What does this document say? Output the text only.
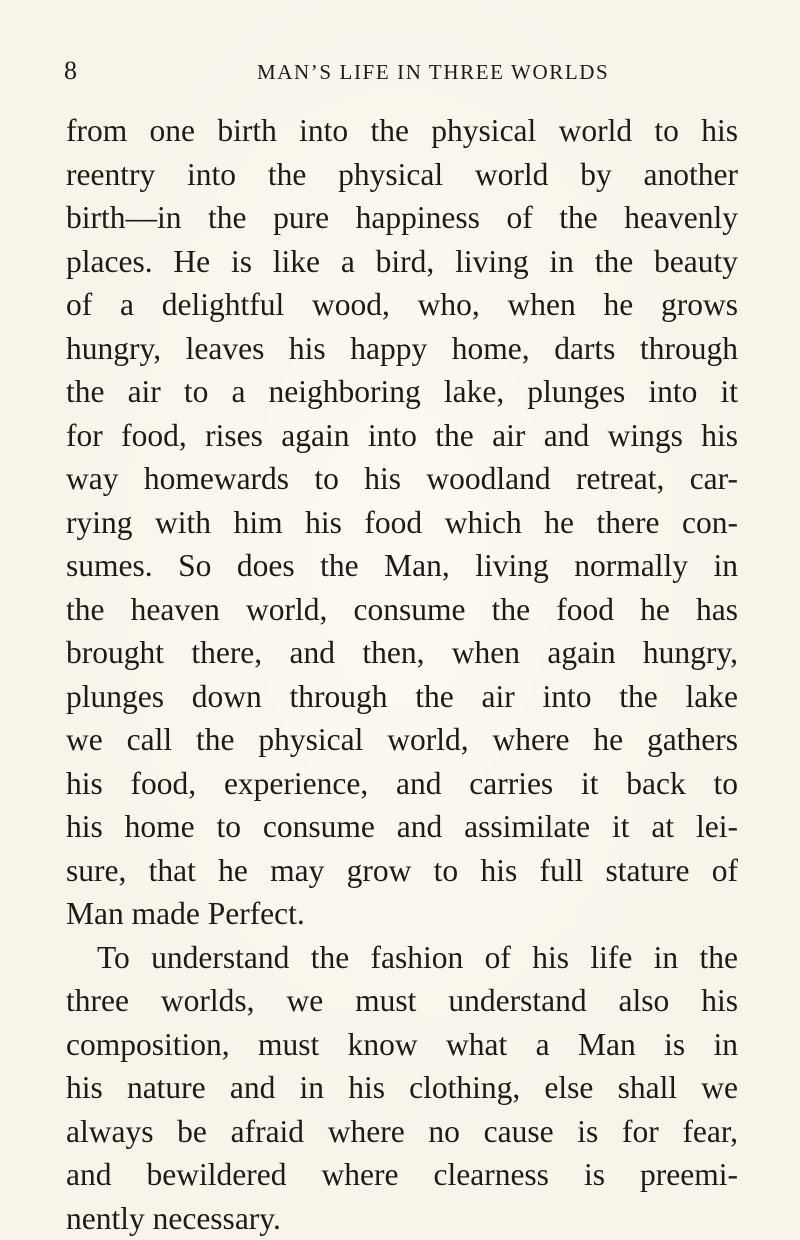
8	MAN’S LIFE IN THREE WORLDS
from one birth into the physical world to his
reentry into the physical world by another
birth—in the pure happiness of the heavenly
places. He is like a bird, living in the beauty
of a delightful wood, who, when he grows
hungry, leaves his happy home, darts through
the air to a neighboring lake, plunges into it
for food, rises again into the air and wings his
way homewards to his woodland retreat, car-
rying with him his food which he there con-
sumes. So does the Man, living normally in
the heaven world, consume the food he has
brought there, and then, when again hungry,
plunges down through the air into the lake
we call the physical world, where he gathers
his food, experience, and carries it back to
his home to consume and assimilate it at lei-
sure, that he may grow to his full stature of
Man made Perfect.
To understand the fashion of his life in the
three worlds, we must understand also his
composition, must know what a Man is in
his nature and in his clothing, else shall we
always be afraid where no cause is for fear,
and bewildered where clearness is preemi-
nently necessary.
